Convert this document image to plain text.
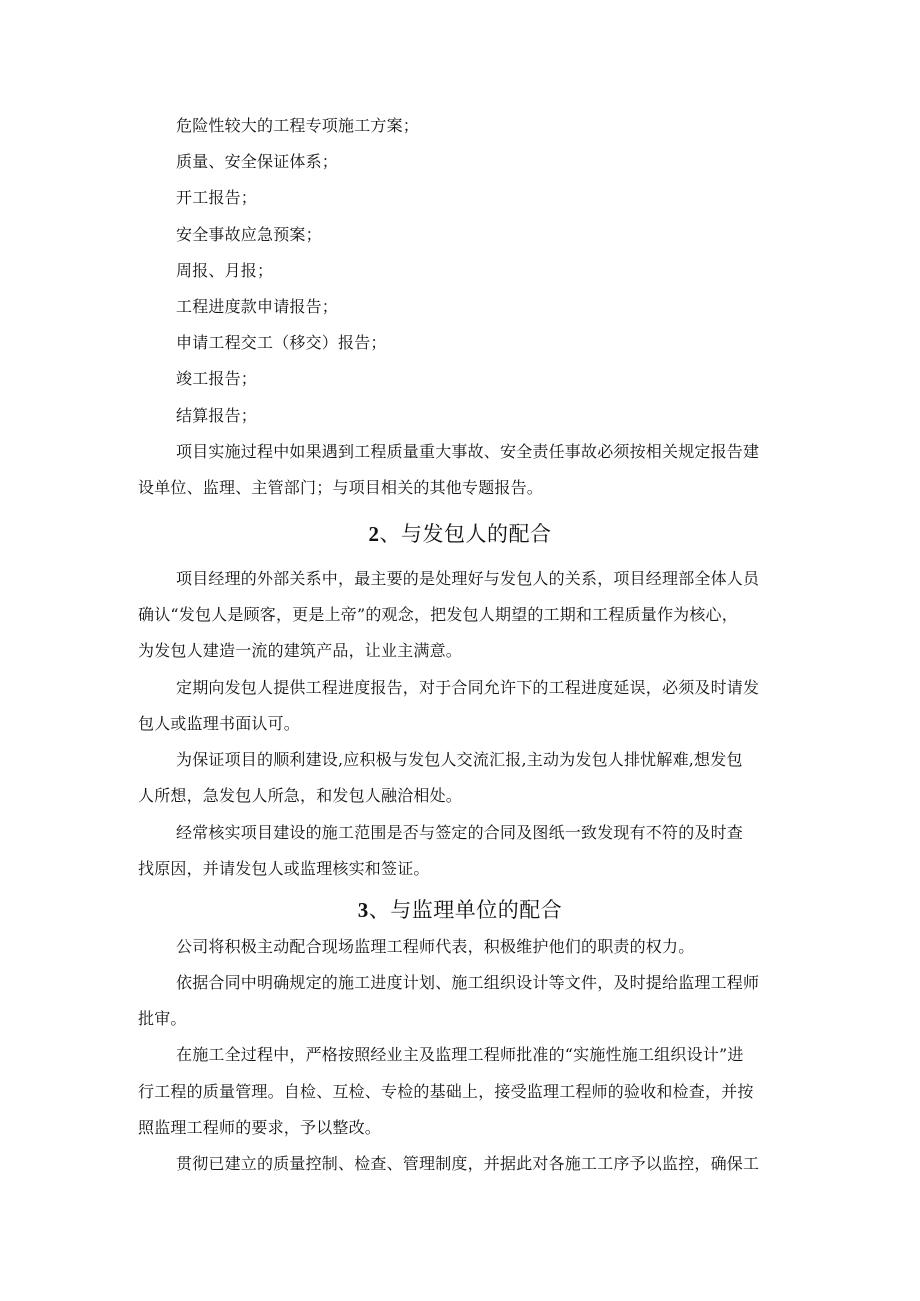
危险性较大的工程专项施工方案；
质量、安全保证体系；
开工报告；
安全事故应急预案；
周报、月报；
工程进度款申请报告；
申请工程交工（移交）报告；
竣工报告；
结算报告；
项目实施过程中如果遇到工程质量重大事故、安全责任事故必须按相关规定报告建
设单位、监理、主管部门；与项目相关的其他专题报告。
2、与发包人的配合
项目经理的外部关系中，最主要的是处理好与发包人的关系，项目经理部全体人员
确认“发包人是顾客，更是上帝”的观念，把发包人期望的工期和工程质量作为核心，
为发包人建造一流的建筑产品，让业主满意。
定期向发包人提供工程进度报告，对于合同允许下的工程进度延误，必须及时请发
包人或监理书面认可。
为保证项目的顺利建设,应积极与发包人交流汇报,主动为发包人排忧解难,想发包
人所想，急发包人所急，和发包人融洽相处。
经常核实项目建设的施工范围是否与签定的合同及图纸一致发现有不符的及时查
找原因，并请发包人或监理核实和签证。
3、与监理单位的配合
公司将积极主动配合现场监理工程师代表，积极维护他们的职责的权力。
依据合同中明确规定的施工进度计划、施工组织设计等文件，及时提给监理工程师
批审。
在施工全过程中，严格按照经业主及监理工程师批准的“实施性施工组织设计”进
行工程的质量管理。自检、互检、专检的基础上，接受监理工程师的验收和检查，并按
照监理工程师的要求，予以整改。
贯彻已建立的质量控制、检查、管理制度，并据此对各施工工序予以监控，确保工
